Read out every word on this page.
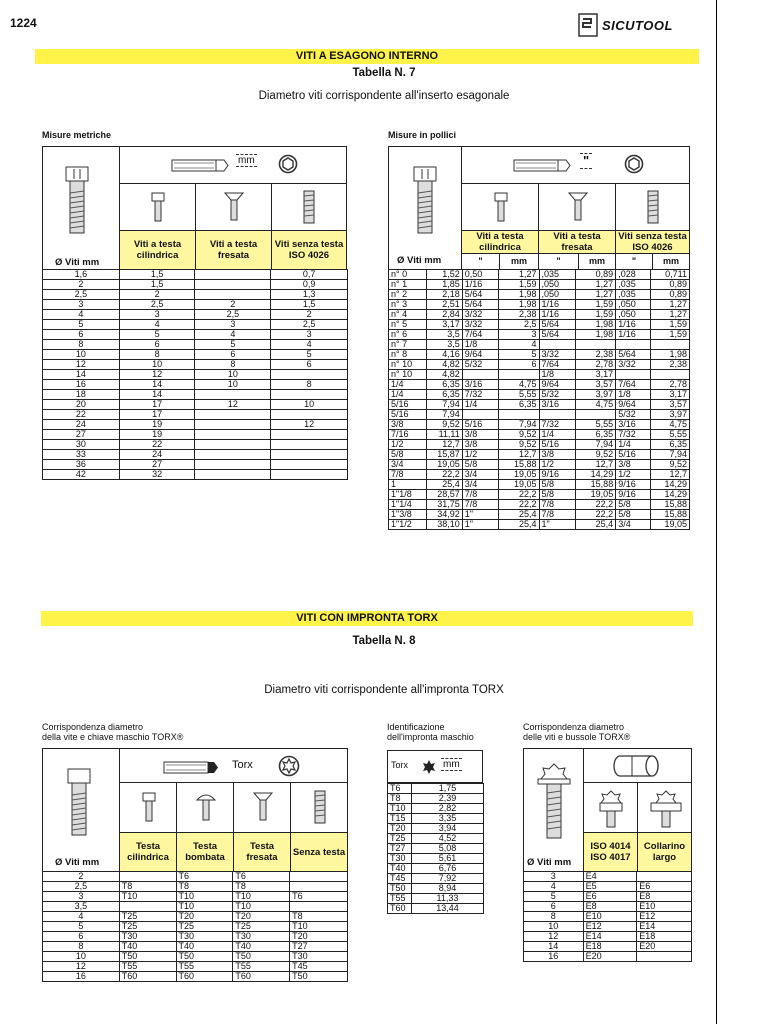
1224	SICUTOOL
VITI A ESAGONO INTERNO
Tabella N. 7
Diametro viti corrispondente all'inserto esagonale
Misure metriche
Ø Viti mm
mm
Viti a testa cilindrica
Viti a testa fresata
Viti senza testa ISO 4026
1,6	1,5		0,7
2	1,5		0,9
2,5	2		1,3
3	2,5	2	1,5
4	3	2,5	2
5	4	3	2,5
6	5	4	3
8	6	5	4
10	8	6	5
12	10	8	6
14	12	10	
16	14	10	8
18	14		
20	17	12	10
22	17		
24	19		12
27	19		
30	22		
33	24		
36	27		
42	32		
Misure in pollici
Ø Viti mm
"
Viti a testa cilindrica
Viti a testa fresata
Viti senza testa ISO 4026
"	mm	"	mm	"	mm
n° 0	1,52	0,50	1,27	,035	0,89	,028	0,711
n° 1	1,85	1/16	1,59	,050	1,27	,035	0,89
n° 2	2,18	5/64	1,98	,050	1,27	,035	0,89
n° 3	2,51	5/64	1,98	1/16	1,59	,050	1,27
n° 4	2,84	3/32	2,38	1/16	1,59	,050	1,27
n° 5	3,17	3/32	2,5	5/64	1,98	1/16	1,59
n° 6	3,5	7/64	3	5/64	1,98	1/16	1,59
n° 7	3,5	1/8	4				
n° 8	4,16	9/64	5	3/32	2,38	5/64	1,98
n° 10	4,82	5/32	6	7/64	2,78	3/32	2,38
n° 10	4,82			1/8	3,17		
1/4	6,35	3/16	4,75	9/64	3,57	7/64	2,78
1/4	6,35	7/32	5,55	5/32	3,97	1/8	3,17
5/16	7,94	1/4	6,35	3/16	4,75	9/64	3,57
5/16	7,94					5/32	3,97
3/8	9,52	5/16	7,94	7/32	5,55	3/16	4,75
7/16	11,11	3/8	9,52	1/4	6,35	7/32	5,55
1/2	12,7	3/8	9,52	5/16	7,94	1/4	6,35
5/8	15,87	1/2	12,7	3/8	9,52	5/16	7,94
3/4	19,05	5/8	15,88	1/2	12,7	3/8	9,52
7/8	22,2	3/4	19,05	9/16	14,29	1/2	12,7
1	25,4	3/4	19,05	5/8	15,88	9/16	14,29
1"1/8	28,57	7/8	22,2	5/8	19,05	9/16	14,29
1"1/4	31,75	7/8	22,2	7/8	22,2	5/8	15,88
1"3/8	34,92	1"	25,4	7/8	22,2	5/8	15,88
1"1/2	38,10	1"	25,4	1"	25,4	3/4	19,05
VITI CON IMPRONTA TORX
Tabella N. 8
Diametro viti corrispondente all'impronta TORX
Corrispondenza diametro
della vite e chiave maschio TORX®
Ø Viti mm
Torx
Testa cilindrica
Testa bombata
Testa fresata	Senza testa
2		T6	T6	
2,5	T8	T8	T8	
3	T10	T10	T10	T6
3,5		T10	T10	
4	T25	T20	T20	T8
5	T25	T25	T25	T10
6	T30	T30	T30	T20
8	T40	T40	T40	T27
10	T50	T50	T50	T30
12	T55	T55	T55	T45
16	T60	T60	T60	T50
Identificazione
dell'impronta maschio
Torx	mm
T6	1,75
T8	2,39
T10	2,82
T15	3,35
T20	3,94
T25	4,52
T27	5,08
T30	5,61
T40	6,76
T45	7,92
T50	8,94
T55	11,33
T60	13,44
Corrispondenza diametro
delle viti e bussole TORX®
Ø Viti mm
ISO 4014 ISO 4017
Collarino largo
3	E4	
4	E5	E6
5	E6	E8
6	E8	E10
8	E10	E12
10	E12	E14
12	E14	E18
14	E18	E20
16	E20	
